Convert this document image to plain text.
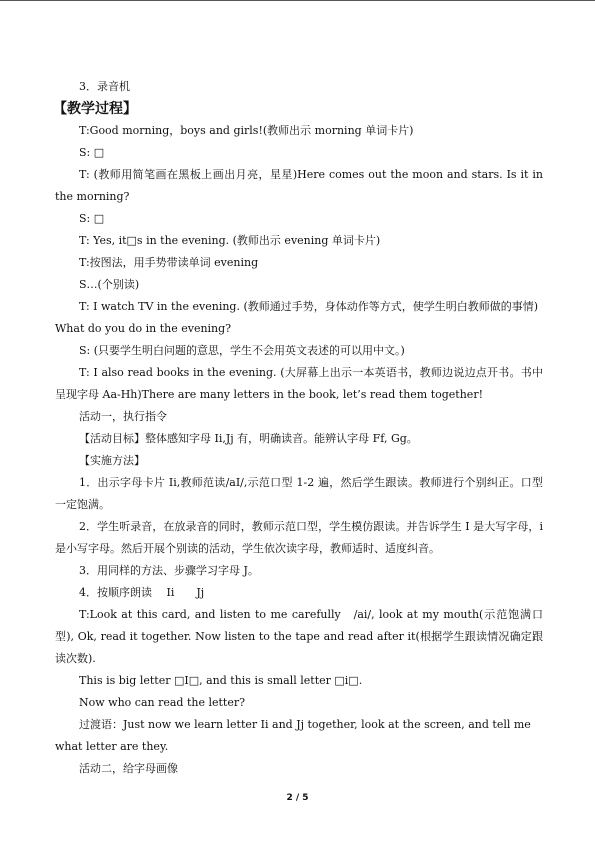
3．录音机
【教学过程】
T:Good morning，boys and girls!(教师出示 morning 单词卡片)
S: □
T: (教师用简笔画在黑板上画出月亮，星星)Here comes out the moon and stars. Is it in the morning?
S: □
T: Yes, it□s in the evening. (教师出示 evening 单词卡片)
T:按图法，用手势带读单词 evening
S…(个别读)
T: I watch TV in the evening. (教师通过手势，身体动作等方式，使学生明白教师做的事情) What do you do in the evening?
S: (只要学生明白问题的意思，学生不会用英文表述的可以用中文。)
T: I also read books in the evening. (大屏幕上出示一本英语书，教师边说边点开书。书中呈现字母 Aa-Hh)There are many letters in the book, let’s read them together!
活动一，执行指令
【活动目标】整体感知字母 Ii,Jj 有，明确读音。能辨认字母 Ff, Gg。
【实施方法】
1．出示字母卡片 Ii,教师范读/aI/,示范口型 1-2 遍，然后学生跟读。教师进行个别纠正。口型一定饱满。
2．学生听录音，在放录音的同时，教师示范口型，学生模仿跟读。并告诉学生 I 是大写字母，i 是小写字母。然后开展个别读的活动，学生依次读字母，教师适时、适度纠音。
3．用同样的方法、步骤学习字母 J。
4．按顺序朗读　 Ii　　Jj
T:Look at this card, and listen to me carefully　/ai/, look at my mouth(示范饱满口型), Ok, read it together. Now listen to the tape and read after it(根据学生跟读情况确定跟读次数).
This is big letter □I□, and this is small letter □i□.
Now who can read the letter?
过渡语：Just now we learn letter Ii and Jj together, look at the screen, and tell me what letter are they.
活动二，给字母画像
2 / 5
